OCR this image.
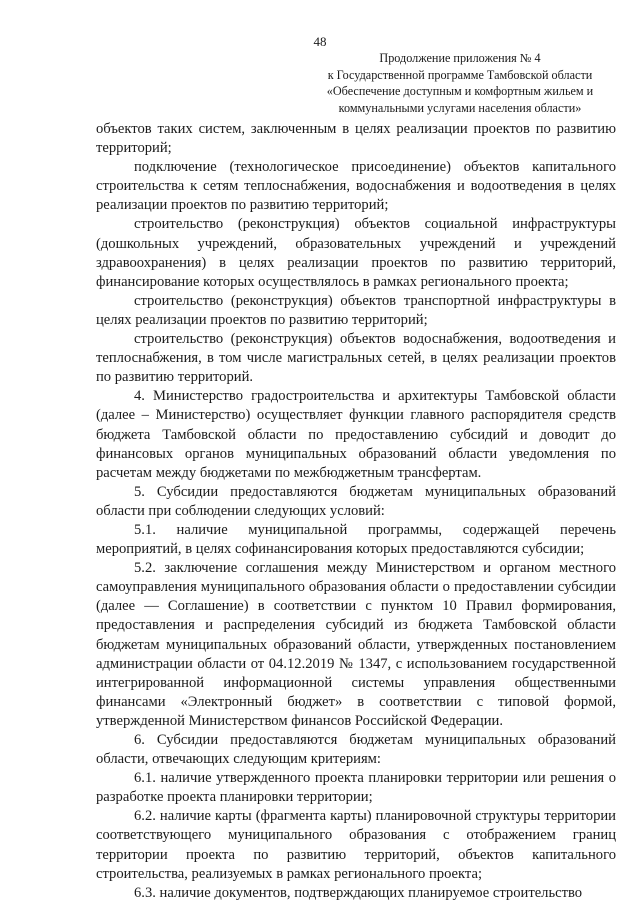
48
Продолжение приложения № 4
к Государственной программе Тамбовской области
«Обеспечение доступным и комфортным жильем и
коммунальными услугами населения области»

объектов таких систем, заключенным в целях реализации проектов по развитию территорий;

подключение (технологическое присоединение) объектов капитального строительства к сетям теплоснабжения, водоснабжения и водоотведения в целях реализации проектов по развитию территорий;

строительство (реконструкция) объектов социальной инфраструктуры (дошкольных учреждений, образовательных учреждений и учреждений здравоохранения) в целях реализации проектов по развитию территорий, финансирование которых осуществлялось в рамках регионального проекта;

строительство (реконструкция) объектов транспортной инфраструктуры в целях реализации проектов по развитию территорий;

строительство (реконструкция) объектов водоснабжения, водоотведения и теплоснабжения, в том числе магистральных сетей, в целях реализации проектов по развитию территорий.

4. Министерство градостроительства и архитектуры Тамбовской области (далее – Министерство) осуществляет функции главного распорядителя средств бюджета Тамбовской области по предоставлению субсидий и доводит до финансовых органов муниципальных образований области уведомления по расчетам между бюджетами по межбюджетным трансфертам.

5. Субсидии предоставляются бюджетам муниципальных образований области при соблюдении следующих условий:

5.1. наличие муниципальной программы, содержащей перечень мероприятий, в целях софинансирования которых предоставляются субсидии;

5.2. заключение соглашения между Министерством и органом местного самоуправления муниципального образования области о предоставлении субсидии (далее — Соглашение) в соответствии с пунктом 10 Правил формирования, предоставления и распределения субсидий из бюджета Тамбовской области бюджетам муниципальных образований области, утвержденных постановлением администрации области от 04.12.2019 № 1347, с использованием государственной интегрированной информационной системы управления общественными финансами «Электронный бюджет» в соответствии с типовой формой, утвержденной Министерством финансов Российской Федерации.

6. Субсидии предоставляются бюджетам муниципальных образований области, отвечающих следующим критериям:

6.1. наличие утвержденного проекта планировки территории или решения о разработке проекта планировки территории;

6.2. наличие карты (фрагмента карты) планировочной структуры территории соответствующего муниципального образования с отображением границ территории проекта по развитию территорий, объектов капитального строительства, реализуемых в рамках регионального проекта;

6.3. наличие документов, подтверждающих планируемое строительство
